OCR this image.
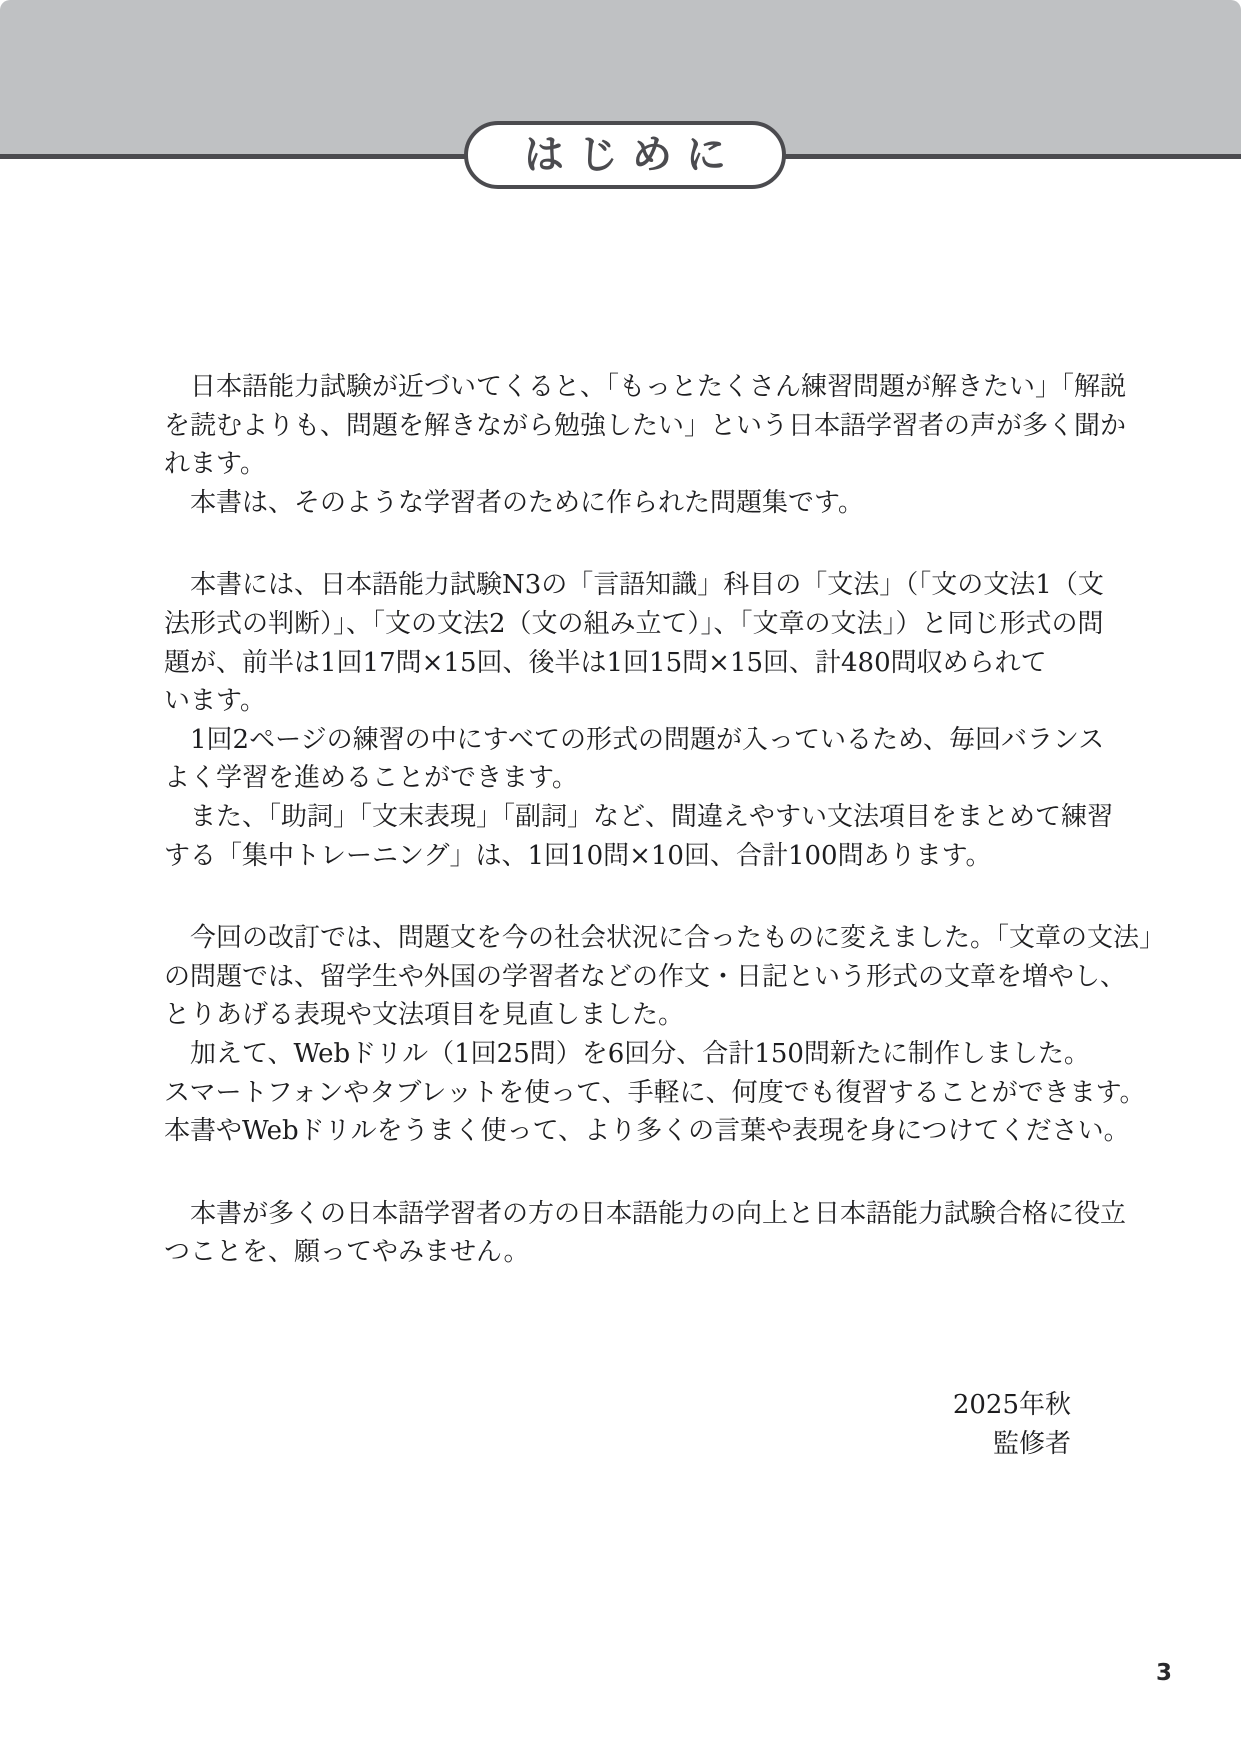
はじめに

　日本語能力試験が近づいてくると、「もっとたくさん練習問題が解きたい」「解説

を読むよりも、問題を解きながら勉強したい」という日本語学習者の声が多く聞か

れます。

　本書は、そのような学習者のために作られた問題集です。

　本書には、日本語能力試験N3の「言語知識」科目の「文法」（「文の文法1（文

法形式の判断）」、「文の文法2（文の組み立て）」、「文章の文法」）と同じ形式の問

題が、前半は1回17問×15回、後半は1回15問×15回、計480問収められて

います。

　1回2ページの練習の中にすべての形式の問題が入っているため、毎回バランス

よく学習を進めることができます。

　また、「助詞」「文末表現」「副詞」など、間違えやすい文法項目をまとめて練習

する「集中トレーニング」は、1回10問×10回、合計100問あります。

　今回の改訂では、問題文を今の社会状況に合ったものに変えました。「文章の文法」

の問題では、留学生や外国の学習者などの作文・日記という形式の文章を増やし、

とりあげる表現や文法項目を見直しました。

　加えて、Webドリル（1回25問）を6回分、合計150問新たに制作しました。

スマートフォンやタブレットを使って、手軽に、何度でも復習することができます。

本書やWebドリルをうまく使って、より多くの言葉や表現を身につけてください。

　本書が多くの日本語学習者の方の日本語能力の向上と日本語能力試験合格に役立

つことを、願ってやみません。

2025年秋
監修者
3
